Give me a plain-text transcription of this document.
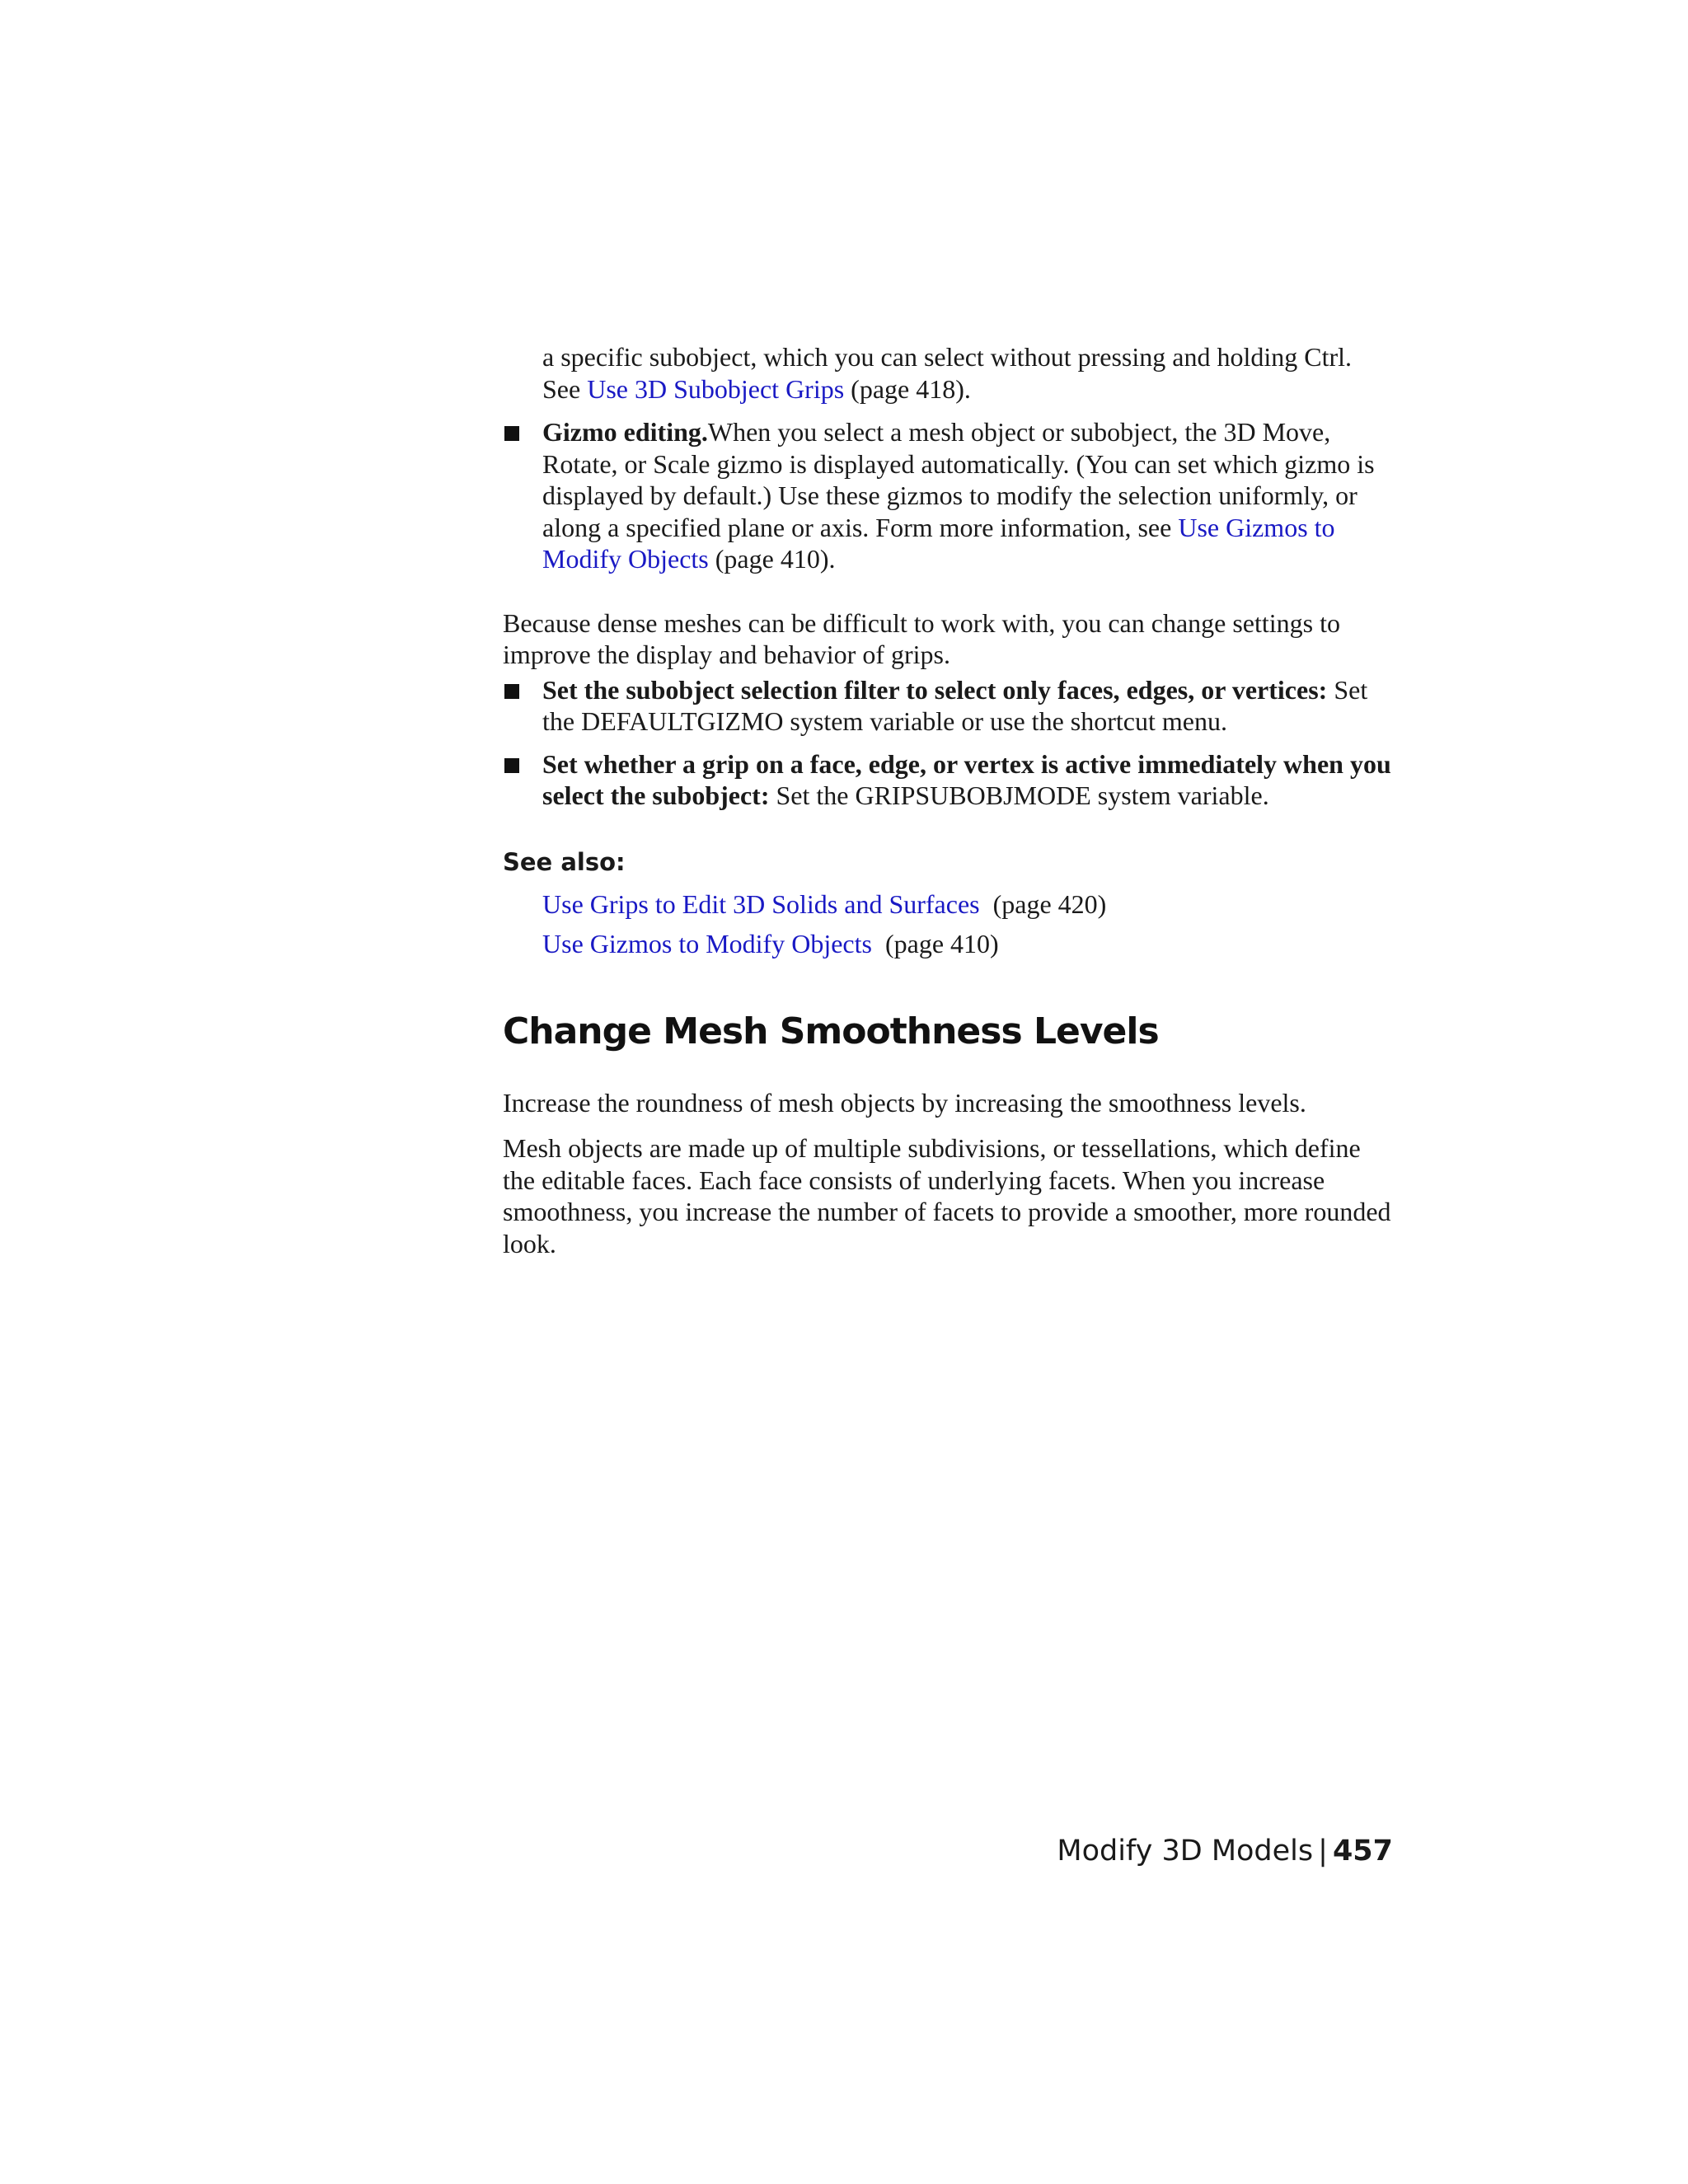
a specific subobject, which you can select without pressing and holding Ctrl. See Use 3D Subobject Grips (page 418).

Gizmo editing.When you select a mesh object or subobject, the 3D Move, Rotate, or Scale gizmo is displayed automatically. (You can set which gizmo is displayed by default.) Use these gizmos to modify the selection uniformly, or along a specified plane or axis. Form more information, see Use Gizmos to Modify Objects (page 410).

Because dense meshes can be difficult to work with, you can change settings to improve the display and behavior of grips.

Set the subobject selection filter to select only faces, edges, or vertices: Set the DEFAULTGIZMO system variable or use the shortcut menu.
Set whether a grip on a face, edge, or vertex is active immediately when you select the subobject: Set the GRIPSUBOBJMODE system variable.

See also:

Use Grips to Edit 3D Solids and Surfaces (page 420)
Use Gizmos to Modify Objects (page 410)
Change Mesh Smoothness Levels

Increase the roundness of mesh objects by increasing the smoothness levels.

Mesh objects are made up of multiple subdivisions, or tessellations, which define the editable faces. Each face consists of underlying facets. When you increase smoothness, you increase the number of facets to provide a smoother, more rounded look.

Modify 3D Models | 457
